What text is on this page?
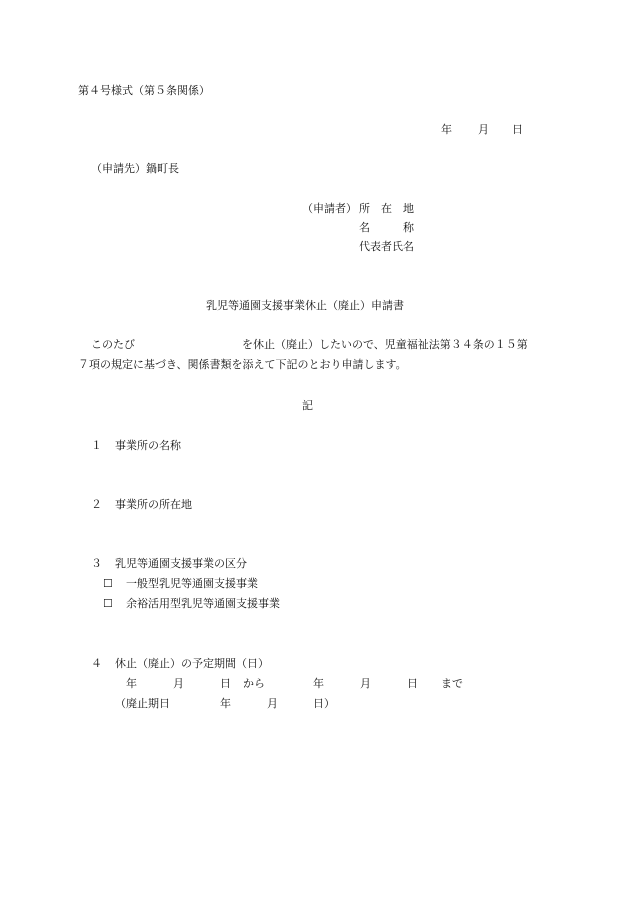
第４号様式（第５条関係）
年 月 日
（申請先）鍋町長
（申請者） 所　在　地
名　　　称
代表者氏名
乳児等通園支援事業休止（廃止）申請書
このたび	を休止（廃止）したいので、児童福祉法第３４条の１５第
７項の規定に基づき、関係書類を添えて下記のとおり申請します。
記
１ 事業所の名称
２ 事業所の所在地
３ 乳児等通園支援事業の区分
☐ 一般型乳児等通園支援事業
☐ 余裕活用型乳児等通園支援事業
４ 休止（廃止）の予定期間（日）
年	月	日 から	年	月	日 まで
（廃止期日	年	月	日）
